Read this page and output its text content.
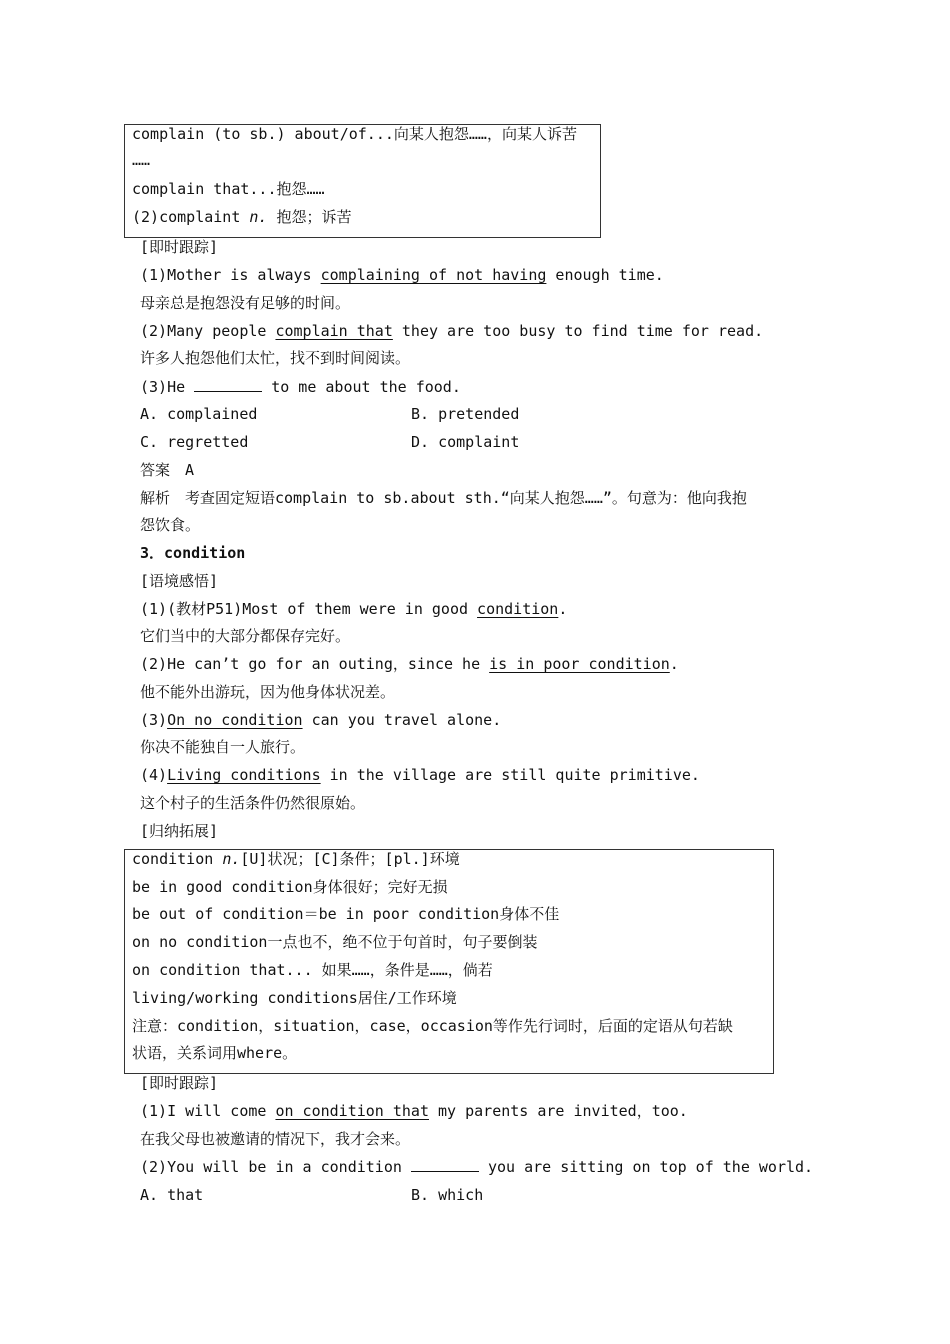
complain (to sb.) about/of...向某人抱怨……，向某人诉苦
……
complain that...抱怨……
(2)complaint n. 抱怨；诉苦
[即时跟踪]
(1)Mother is always complaining of not having enough time.
母亲总是抱怨没有足够的时间。
(2)Many people complain that they are too busy to find time for read.
许多人抱怨他们太忙，找不到时间阅读。
(3)He	to me about the food.
A. complained	B. pretended
C. regretted	D. complaint
答案　A
解析　考查固定短语complain to sb.about sth.“向某人抱怨……”。句意为：他向我抱
怨饮食。
3．condition
[语境感悟]
(1)(教材P51)Most of them were in good condition.
它们当中的大部分都保存完好。
(2)He can’t go for an outing，since he is in poor condition.
他不能外出游玩，因为他身体状况差。
(3)On no condition can you travel alone.
你决不能独自一人旅行。
(4)Living conditions in the village are still quite primitive.
这个村子的生活条件仍然很原始。
[归纳拓展]
condition n.[U]状况；[C]条件；[pl.]环境
be in good condition身体很好；完好无损
be out of condition＝be in poor condition身体不佳
on no condition一点也不，绝不位于句首时，句子要倒装
on condition that... 如果……，条件是……，倘若
living/working conditions居住/工作环境
注意：condition，situation，case，occasion等作先行词时，后面的定语从句若缺
状语，关系词用where。
[即时跟踪]
(1)I will come on condition that my parents are invited，too.
在我父母也被邀请的情况下，我才会来。
(2)You will be in a condition	you are sitting on top of the world.
A. that	B. which
